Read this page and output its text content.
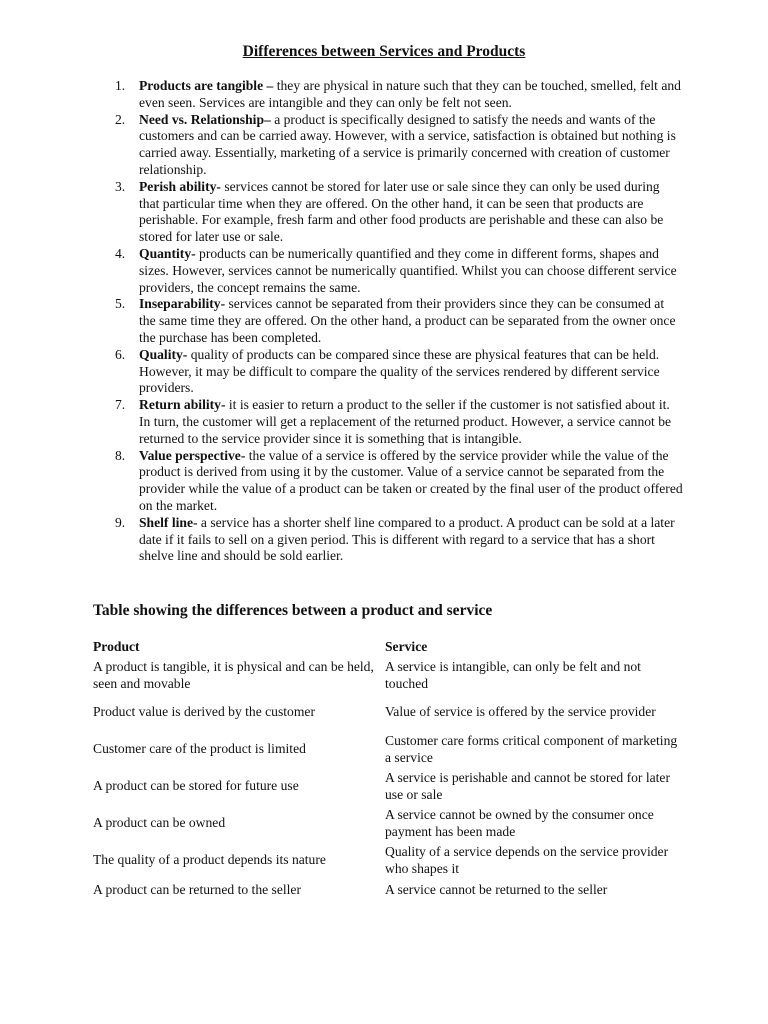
Differences between Services and Products
1. Products are tangible – they are physical in nature such that they can be touched, smelled, felt and even seen. Services are intangible and they can only be felt not seen.
2. Need vs. Relationship– a product is specifically designed to satisfy the needs and wants of the customers and can be carried away. However, with a service, satisfaction is obtained but nothing is carried away. Essentially, marketing of a service is primarily concerned with creation of customer relationship.
3. Perish ability- services cannot be stored for later use or sale since they can only be used during that particular time when they are offered. On the other hand, it can be seen that products are perishable. For example, fresh farm and other food products are perishable and these can also be stored for later use or sale.
4. Quantity- products can be numerically quantified and they come in different forms, shapes and sizes. However, services cannot be numerically quantified. Whilst you can choose different service providers, the concept remains the same.
5. Inseparability- services cannot be separated from their providers since they can be consumed at the same time they are offered. On the other hand, a product can be separated from the owner once the purchase has been completed.
6. Quality- quality of products can be compared since these are physical features that can be held. However, it may be difficult to compare the quality of the services rendered by different service providers.
7. Return ability- it is easier to return a product to the seller if the customer is not satisfied about it. In turn, the customer will get a replacement of the returned product. However, a service cannot be returned to the service provider since it is something that is intangible.
8. Value perspective- the value of a service is offered by the service provider while the value of the product is derived from using it by the customer. Value of a service cannot be separated from the provider while the value of a product can be taken or created by the final user of the product offered on the market.
9. Shelf line- a service has a shorter shelf line compared to a product. A product can be sold at a later date if it fails to sell on a given period. This is different with regard to a service that has a short shelve line and should be sold earlier.
Table showing the differences between a product and service
Product	Service
A product is tangible, it is physical and can be held, seen and movable	A service is intangible, can only be felt and not touched
Product value is derived by the customer	Value of service is offered by the service provider
Customer care of the product is limited	Customer care forms critical component of marketing a service
A product can be stored for future use	A service is perishable and cannot be stored for later use or sale
A product can be owned	A service cannot be owned by the consumer once payment has been made
The quality of a product depends its nature	Quality of a service depends on the service provider who shapes it
A product can be returned to the seller	A service cannot be returned to the seller
